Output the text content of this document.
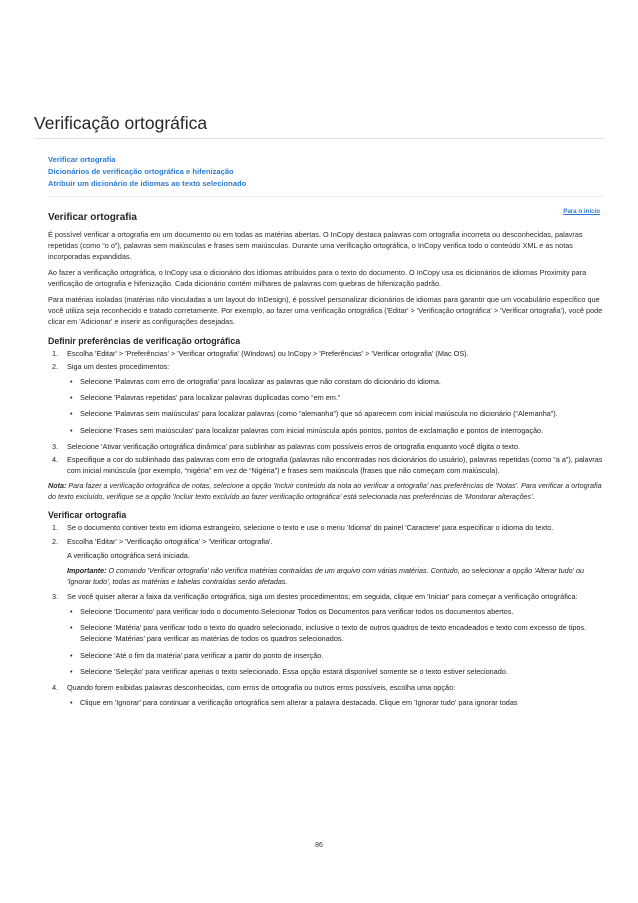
Verificação ortográfica
Verificar ortografia
Dicionários de verificação ortográfica e hifenização
Atribuir um dicionário de idiomas ao texto selecionado
Para o início
Verificar ortografia

É possível verificar a ortografia em um documento ou em todas as matérias abertas. O InCopy destaca palavras com ortografia incorreta ou desconhecidas, palavras repetidas (como “o o”), palavras sem maiúsculas e frases sem maiúsculas. Durante uma verificação ortográfica, o InCopy verifica todo o conteúdo XML e as notas incorporadas expandidas.

Ao fazer a verificação ortográfica, o InCopy usa o dicionário dos idiomas atribuídos para o texto do documento. O InCopy usa os dicionários de idiomas Proximity para verificação de ortografia e hifenização. Cada dicionário contém milhares de palavras com quebras de hifenização padrão.

Para matérias isoladas (matérias não vinculadas a um layout do InDesign), é possível personalizar dicionários de idiomas para garantir que um vocabulário específico que você utiliza seja reconhecido e tratado corretamente. Por exemplo, ao fazer uma verificação ortográfica ('Editar' > 'Verificação ortográfica' > 'Verificar ortografia'), você pode clicar em 'Adicionar' e inserir as configurações desejadas.

Definir preferências de verificação ortográfica
1. Escolha 'Editar' > 'Preferências' > 'Verificar ortografia' (Windows) ou InCopy > 'Preferências' > 'Verificar ortografia' (Mac OS).
2. Siga um destes procedimentos:
• Selecione 'Palavras com erro de ortografia' para localizar as palavras que não constam do dicionário do idioma.
• Selecione 'Palavras repetidas' para localizar palavras duplicadas como “em em.”
• Selecione 'Palavras sem maiúsculas' para localizar palavras (como “alemanha”) que só aparecem com inicial maiúscula no dicionário (“Alemanha”).
• Selecione 'Frases sem maiúsculas' para localizar palavras com inicial minúscula após pontos, pontos de exclamação e pontos de interrogação.
3. Selecione 'Ativar verificação ortográfica dinâmica' para sublinhar as palavras com possíveis erros de ortografia enquanto você digita o texto.
4. Especifique a cor do sublinhado das palavras com erro de ortografia (palavras não encontradas nos dicionários do usuário), palavras repetidas (como “a a”), palavras com inicial minúscula (por exemplo, “nigéria” em vez de “Nigéria”) e frases sem maiúscula (frases que não começam com maiúscula).

Nota: Para fazer a verificação ortográfica de notas, selecione a opção 'Incluir conteúdo da nota ao verificar a ortografia' nas preferências de 'Notas'. Para verificar a ortografia do texto excluído, verifique se a opção 'Incluir texto excluído ao fazer verificação ortográfica' está selecionada nas preferências de 'Monitorar alterações'.

Verificar ortografia
1. Se o documento contiver texto em idioma estrangeiro, selecione o texto e use o menu 'Idioma' do painel 'Caractere' para especificar o idioma do texto.
2. Escolha 'Editar' > 'Verificação ortográfica' > 'Verificar ortografia'.

A verificação ortográfica será iniciada.

Importante: O comando 'Verificar ortografia' não verifica matérias contraídas de um arquivo com várias matérias. Contudo, ao selecionar a opção 'Alterar tudo' ou 'Ignorar tudo', todas as matérias e tabelas contraídas serão afetadas.

3. Se você quiser alterar a faixa da verificação ortográfica, siga um destes procedimentos; em seguida, clique em 'Iniciar' para começar a verificação ortográfica:
• Selecione 'Documento' para verificar todo o documento.Selecionar Todos os Documentos para verificar todos os documentos abertos.
• Selecione 'Matéria' para verificar todo o texto do quadro selecionado, inclusive o texto de outros quadros de texto encadeados e texto com excesso de tipos. Selecione 'Matérias' para verificar as matérias de todos os quadros selecionados.
• Selecione 'Até o fim da matéria' para verificar a partir do ponto de inserção.
• Selecione 'Seleção' para verificar apenas o texto selecionado. Essa opção estará disponível somente se o texto estiver selecionado.
4. Quando forem exibidas palavras desconhecidas, com erros de ortografia ou outros erros possíveis, escolha uma opção:
• Clique em 'Ignorar' para continuar a verificação ortográfica sem alterar a palavra destacada. Clique em 'Ignorar tudo' para ignorar todas
86
